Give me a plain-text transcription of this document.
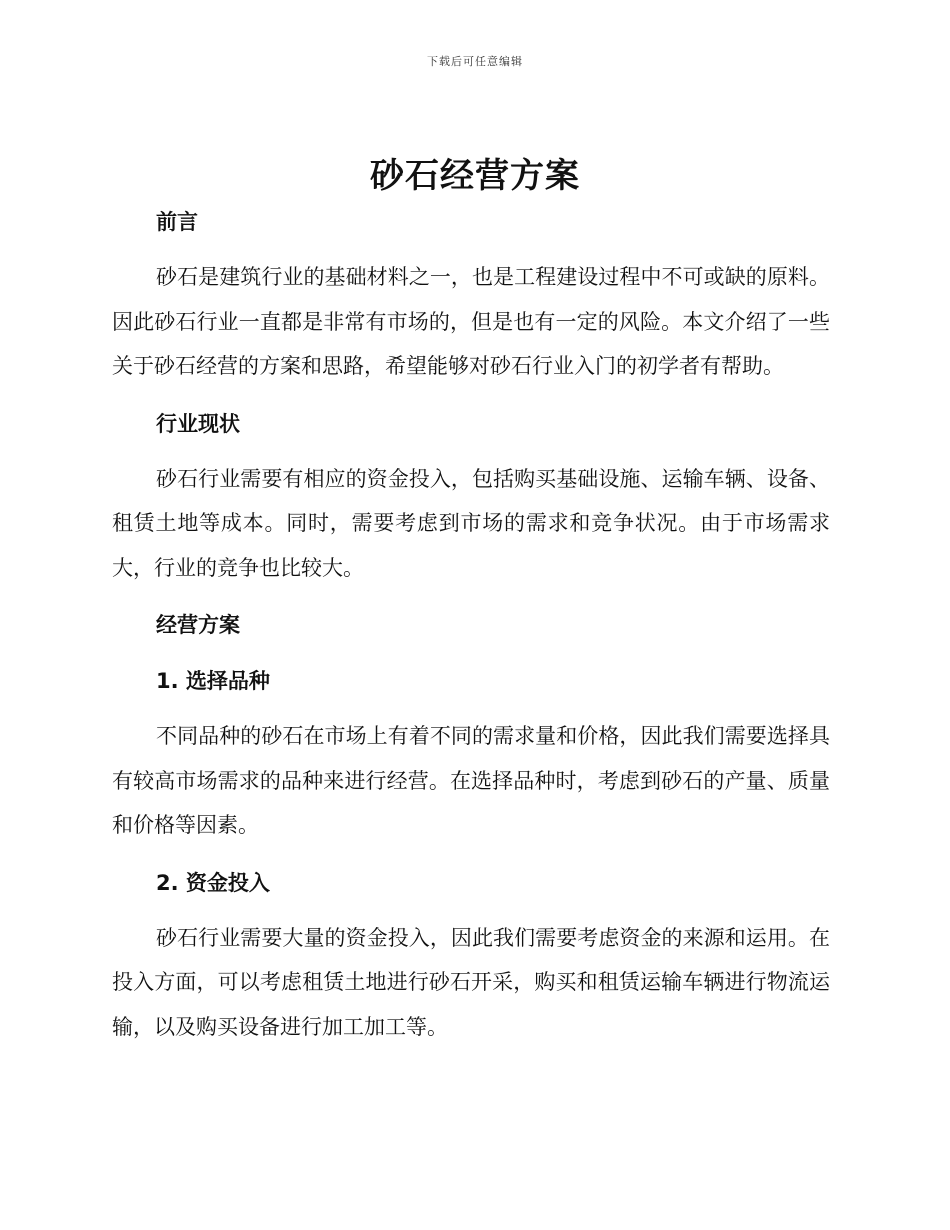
下载后可任意编辑
砂石经营方案
前言

砂石是建筑行业的基础材料之一，也是工程建设过程中不可或缺的原料。因此砂石行业一直都是非常有市场的，但是也有一定的风险。本文介绍了一些关于砂石经营的方案和思路，希望能够对砂石行业入门的初学者有帮助。

行业现状

砂石行业需要有相应的资金投入，包括购买基础设施、运输车辆、设备、租赁土地等成本。同时，需要考虑到市场的需求和竞争状况。由于市场需求大，行业的竞争也比较大。

经营方案
1. 选择品种

不同品种的砂石在市场上有着不同的需求量和价格，因此我们需要选择具有较高市场需求的品种来进行经营。在选择品种时，考虑到砂石的产量、质量和价格等因素。

2. 资金投入

砂石行业需要大量的资金投入，因此我们需要考虑资金的来源和运用。在投入方面，可以考虑租赁土地进行砂石开采，购买和租赁运输车辆进行物流运输，以及购买设备进行加工加工等。
